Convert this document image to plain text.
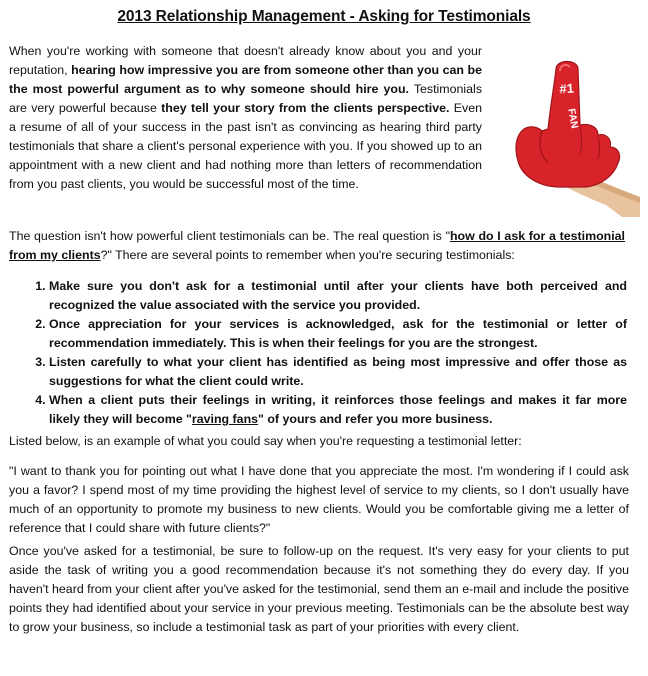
2013 Relationship Management - Asking for Testimonials

When you're working with someone that doesn't already know about you and your reputation, hearing how impressive you are from someone other than you can be the most powerful argument as to why someone should hire you. Testimonials are very powerful because they tell your story from the clients perspective. Even a resume of all of your success in the past isn't as convincing as hearing third party testimonials that share a client's personal experience with you. If you showed up to an appointment with a new client and had nothing more than letters of recommendation from you past clients, you would be successful most of the time.

#1
FAN

The question isn't how powerful client testimonials can be. The real question is "how do I ask for a testimonial from my clients?" There are several points to remember when you're securing testimonials:

1. Make sure you don't ask for a testimonial until after your clients have both perceived and recognized the value associated with the service you provided.
2. Once appreciation for your services is acknowledged, ask for the testimonial or letter of recommendation immediately. This is when their feelings for you are the strongest.
3. Listen carefully to what your client has identified as being most impressive and offer those as suggestions for what the client could write.
4. When a client puts their feelings in writing, it reinforces those feelings and makes it far more likely they will become "raving fans" of yours and refer you more business.

Listed below, is an example of what you could say when you're requesting a testimonial letter:

"I want to thank you for pointing out what I have done that you appreciate the most. I'm wondering if I could ask you a favor? I spend most of my time providing the highest level of service to my clients, so I don't usually have much of an opportunity to promote my business to new clients. Would you be comfortable giving me a letter of reference that I could share with future clients?"

Once you've asked for a testimonial, be sure to follow-up on the request. It's very easy for your clients to put aside the task of writing you a good recommendation because it's not something they do every day. If you haven't heard from your client after you've asked for the testimonial, send them an e-mail and include the positive points they had identified about your service in your previous meeting. Testimonials can be the absolute best way to grow your business, so include a testimonial task as part of your priorities with every client.
